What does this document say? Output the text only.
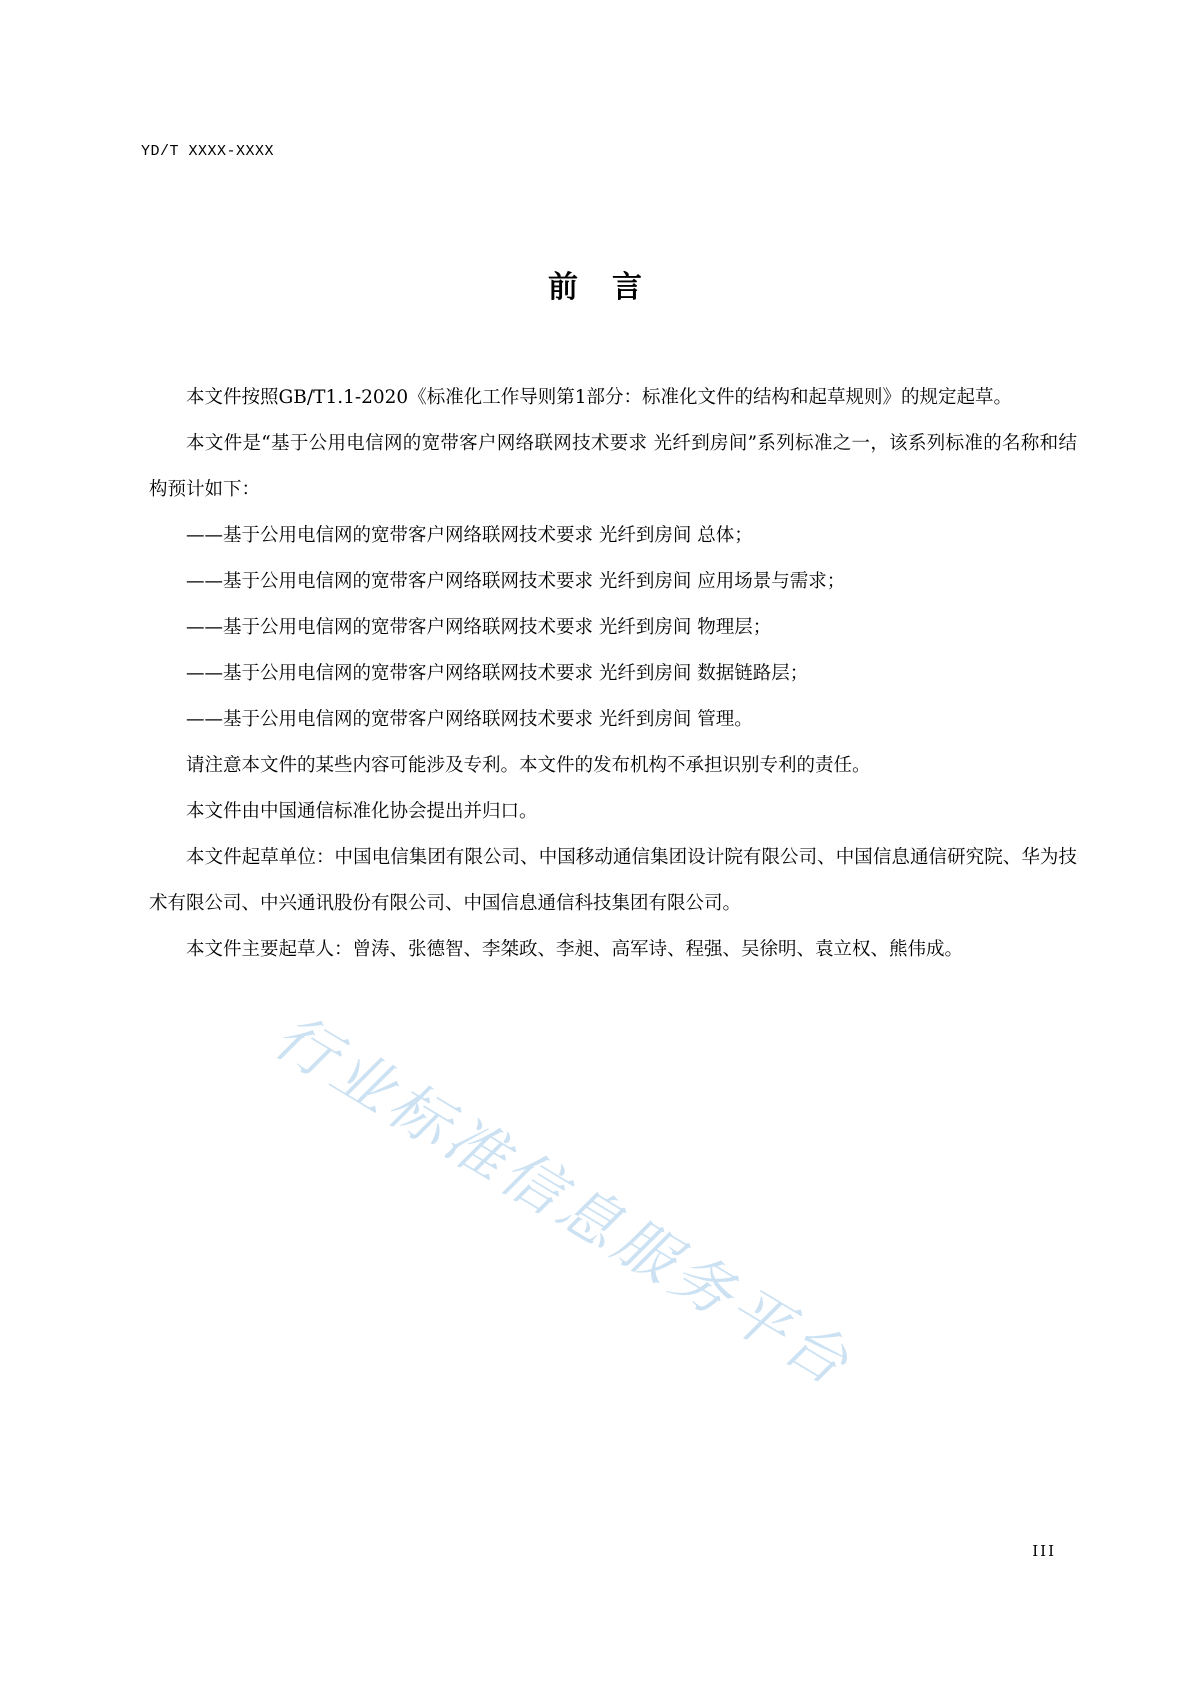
YD/T XXXX-XXXX
前言

本文件按照GB/T1.1-2020《标准化工作导则第1部分：标准化文件的结构和起草规则》的规定起草。

本文件是“基于公用电信网的宽带客户网络联网技术要求 光纤到房间”系列标准之一，该系列标准的名称和结构预计如下：

——基于公用电信网的宽带客户网络联网技术要求 光纤到房间 总体；

——基于公用电信网的宽带客户网络联网技术要求 光纤到房间 应用场景与需求；

——基于公用电信网的宽带客户网络联网技术要求 光纤到房间 物理层；

——基于公用电信网的宽带客户网络联网技术要求 光纤到房间 数据链路层；

——基于公用电信网的宽带客户网络联网技术要求 光纤到房间 管理。

请注意本文件的某些内容可能涉及专利。本文件的发布机构不承担识别专利的责任。

本文件由中国通信标准化协会提出并归口。

本文件起草单位：中国电信集团有限公司、中国移动通信集团设计院有限公司、中国信息通信研究院、华为技术有限公司、中兴通讯股份有限公司、中国信息通信科技集团有限公司。

本文件主要起草人：曾涛、张德智、李桀政、李昶、高军诗、程强、吴徐明、袁立权、熊伟成。

行业标准信息服务平台
III
